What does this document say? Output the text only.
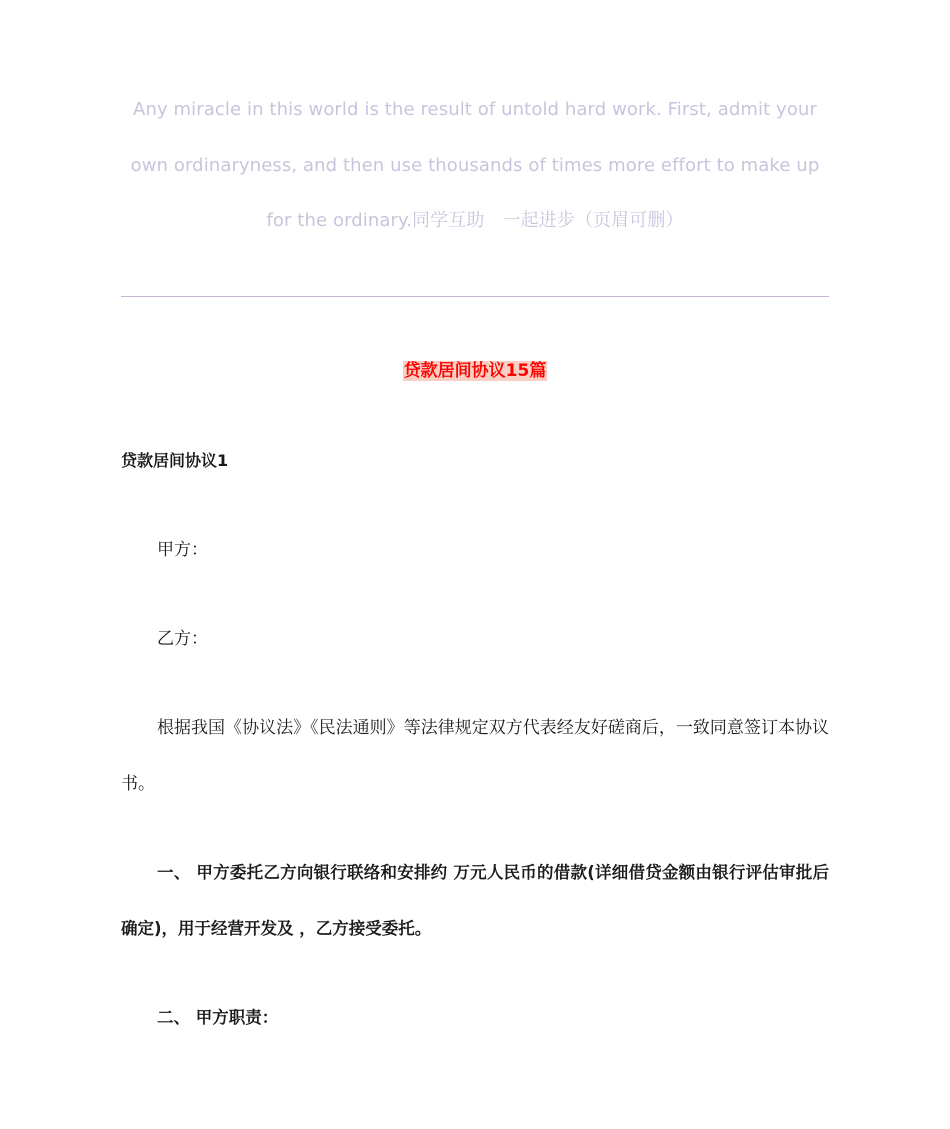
Any miracle in this world is the result of untold hard work. First, admit your own ordinaryness, and then use thousands of times more effort to make up for the ordinary.同学互助　一起进步（页眉可删）
贷款居间协议15篇
贷款居间协议1

甲方：

乙方：

根据我国《协议法》《民法通则》等法律规定双方代表经友好磋商后，一致同意签订本协议书。

一、 甲方委托乙方向银行联络和安排约 万元人民币的借款(详细借贷金额由银行评估审批后确定)，用于经营开发及 ，乙方接受委托。

二、 甲方职责：
